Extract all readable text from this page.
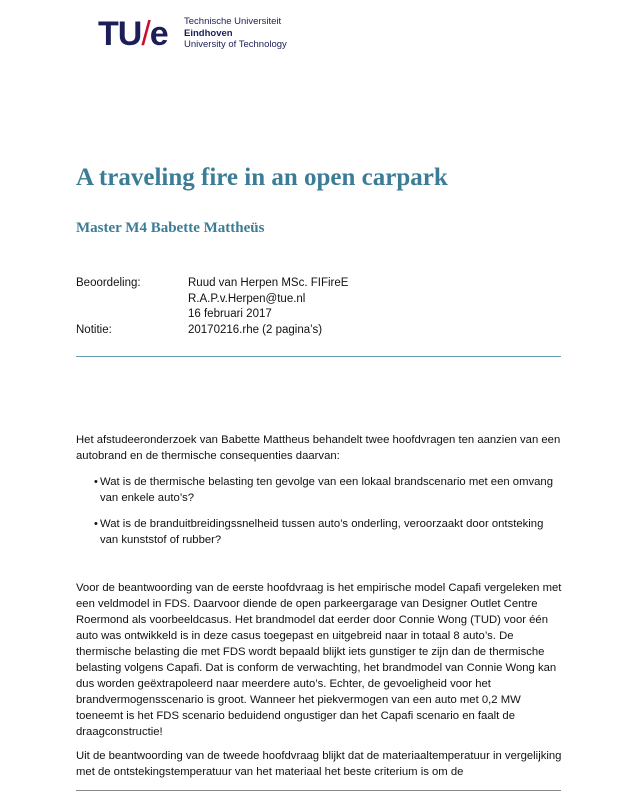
TU/e Technische Universiteit
Eindhoven
University of Technology
A traveling fire in an open carpark
Master M4 Babette Mattheüs
Beoordeling:	Ruud van Herpen MSc. FIFireE
R.A.P.v.Herpen@tue.nl
16 februari 2017
Notitie:	20170216.rhe (2 pagina’s)

Het afstudeeronderzoek van Babette Mattheus behandelt twee hoofdvragen ten aanzien van een autobrand en de thermische consequenties daarvan:

• Wat is de thermische belasting ten gevolge van een lokaal brandscenario met een omvang van enkele auto’s?
• Wat is de branduitbreidingssnelheid tussen auto’s onderling, veroorzaakt door ontsteking van kunststof of rubber?

Voor de beantwoording van de eerste hoofdvraag is het empirische model Capafi vergeleken met een veldmodel in FDS. Daarvoor diende de open parkeergarage van Designer Outlet Centre Roermond als voorbeeldcasus. Het brandmodel dat eerder door Connie Wong (TUD) voor één auto was ontwikkeld is in deze casus toegepast en uitgebreid naar in totaal 8 auto’s. De thermische belasting die met FDS wordt bepaald blijkt iets gunstiger te zijn dan de thermische belasting volgens Capafi. Dat is conform de verwachting, het brandmodel van Connie Wong kan dus worden geëxtrapoleerd naar meerdere auto’s. Echter, de gevoeligheid voor het brandvermogensscenario is groot. Wanneer het piekvermogen van een auto met 0,2 MW toeneemt is het FDS scenario beduidend ongustiger dan het Capafi scenario en faalt de draagconstructie!

Uit de beantwoording van de tweede hoofdvraag blijkt dat de materiaaltemperatuur in vergelijking met de ontstekingstemperatuur van het materiaal het beste criterium is om de
